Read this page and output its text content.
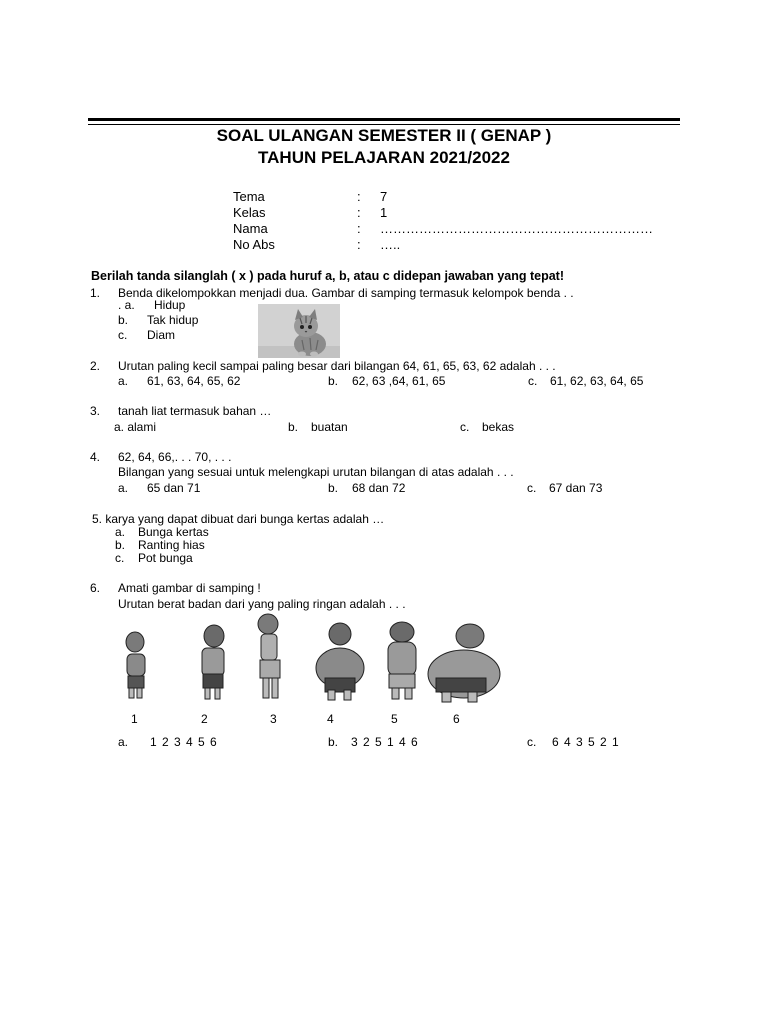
SOAL ULANGAN SEMESTER II ( GENAP )
TAHUN PELAJARAN 2021/2022
Tema	: 7
Kelas	: 1
Nama	: ………………………………………………………
No Abs	: …..
Berilah tanda silanglah ( x ) pada huruf a, b, atau c didepan jawaban yang tepat!
1. Benda dikelompokkan menjadi dua. Gambar di samping termasuk kelompok benda . .
. a. Hidup
b. Tak hidup
c. Diam
2. Urutan paling kecil sampai paling besar dari bilangan 64, 61, 65, 63, 62 adalah . . .
a. 61, 63, 64, 65, 62	b. 62, 63 ,64, 61, 65	c. 61, 62, 63, 64, 65
3. tanah liat termasuk bahan …
a. alami	b. buatan	c. bekas
4. 62, 64, 66,. . . 70, . . .
Bilangan yang sesuai untuk melengkapi urutan bilangan di atas adalah . . .
a. 65 dan 71	b. 68 dan 72	c. 67 dan 73
5. karya yang dapat dibuat dari bunga kertas adalah …
a. Bunga kertas
b. Ranting hias
c. Pot bunga
6. Amati gambar di samping !
Urutan berat badan dari yang paling ringan adalah . . .
1	2	3	4	5	6
a. 1 2 3 4 5 6	b. 3 2 5 1 4 6	c. 6 4 3 5 2 1
